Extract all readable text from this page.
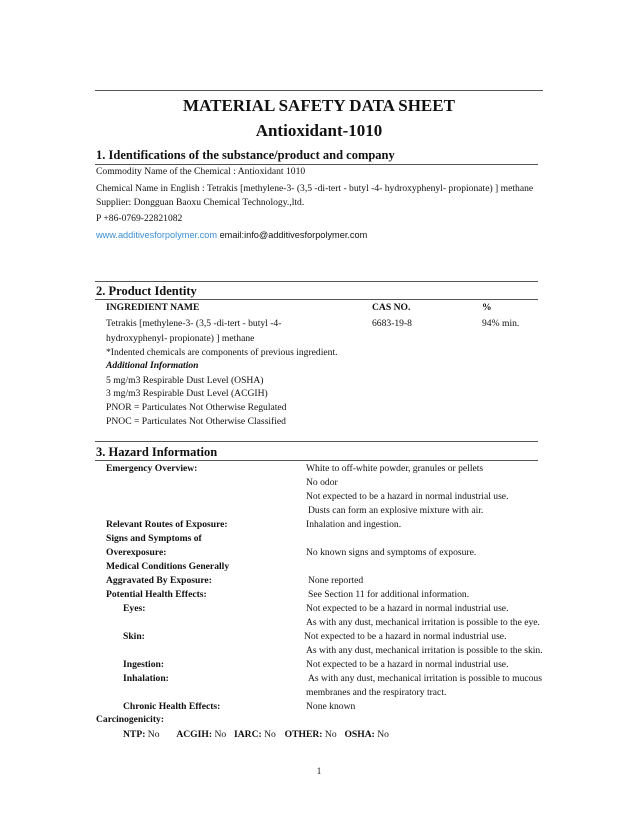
MATERIAL SAFETY DATA SHEET
Antioxidant-1010
1. Identifications of the substance/product and company
Commodity Name of the Chemical : Antioxidant 1010
Chemical Name in English : Tetrakis [methylene-3- (3,5 -di-tert - butyl -4- hydroxyphenyl- propionate) ] methane
Supplier: Dongguan Baoxu Chemical Technology.,ltd.
P +86-0769-22821082
www.additivesforpolymer.com email:info@additivesforpolymer.com
2. Product Identity
INGREDIENT NAME	CAS NO.	%
Tetrakis [methylene-3- (3,5 -di-tert - butyl -4-
hydroxyphenyl- propionate) ] methane
6683-19-8	94% min.
*Indented chemicals are components of previous ingredient.
Additional Information
5 mg/m3 Respirable Dust Level (OSHA)
3 mg/m3 Respirable Dust Level (ACGIH)
PNOR = Particulates Not Otherwise Regulated
PNOC = Particulates Not Otherwise Classified
3. Hazard Information
Emergency Overview:	White to off-white powder, granules or pellets
No odor
Not expected to be a hazard in normal industrial use.
Dusts can form an explosive mixture with air.
Relevant Routes of Exposure:	Inhalation and ingestion.
Signs and Symptoms of
Overexposure:	No known signs and symptoms of exposure.
Medical Conditions Generally
Aggravated By Exposure:	None reported
Potential Health Effects:	See Section 11 for additional information.
Eyes:	Not expected to be a hazard in normal industrial use.
As with any dust, mechanical irritation is possible to the eye.
Skin:	Not expected to be a hazard in normal industrial use.
As with any dust, mechanical irritation is possible to the skin.
Ingestion:	Not expected to be a hazard in normal industrial use.
Inhalation:	As with any dust, mechanical irritation is possible to mucous
membranes and the respiratory tract.
Chronic Health Effects:	None known
Carcinogenicity:
NTP: No ACGIH: No IARC: No OTHER: No OSHA: No
1
